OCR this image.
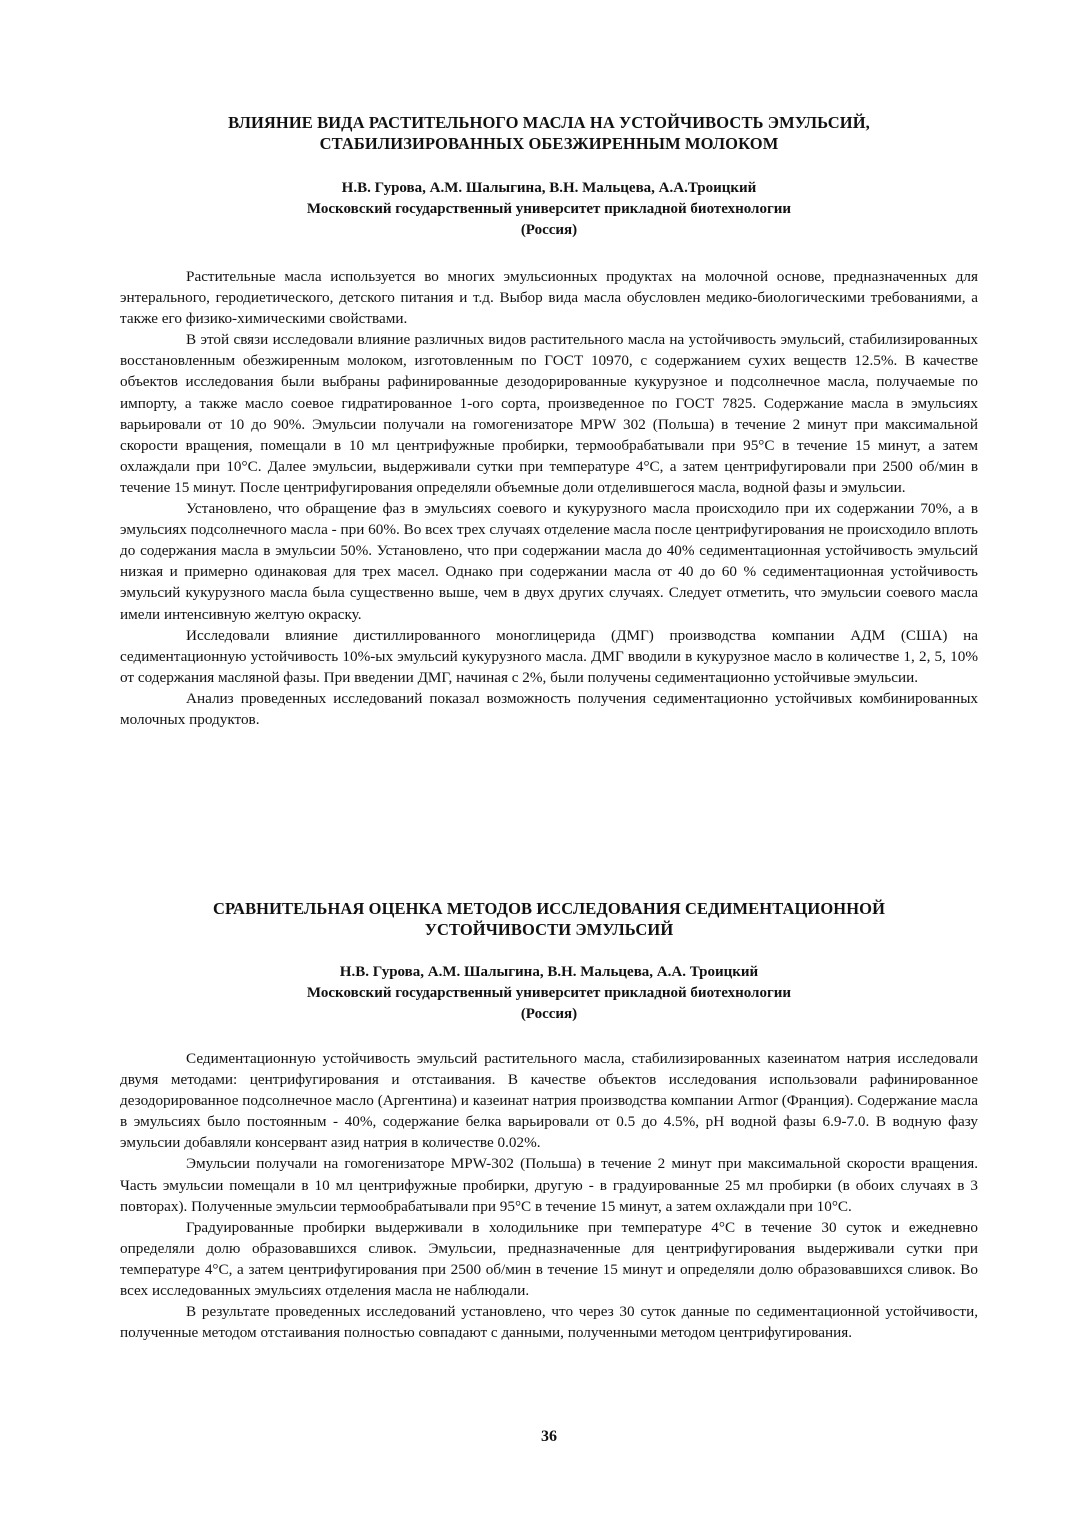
ВЛИЯНИЕ ВИДА РАСТИТЕЛЬНОГО МАСЛА НА УСТОЙЧИВОСТЬ ЭМУЛЬСИЙ,
СТАБИЛИЗИРОВАННЫХ ОБЕЗЖИРЕННЫМ МОЛОКОМ
Н.В. Гурова, А.М. Шалыгина, В.Н. Мальцева, А.А.Троицкий
Московский государственный университет прикладной биотехнологии
(Россия)

Растительные масла используется во многих эмульсионных продуктах на молочной основе, предназначенных для энтерального, геродиетического, детского питания и т.д. Выбор вида масла обусловлен медико-биологическими требованиями, а также его физико-химическими свойствами.

В этой связи исследовали влияние различных видов растительного масла на устойчивость эмульсий, стабилизированных восстановленным обезжиренным молоком, изготовленным по ГОСТ 10970, с содержанием сухих веществ 12.5%. В качестве объектов исследования были выбраны рафинированные дезодорированные кукурузное и подсолнечное масла, получаемые по импорту, а также масло соевое гидратированное 1-ого сорта, произведенное по ГОСТ 7825. Содержание масла в эмульсиях варьировали от 10 до 90%. Эмульсии получали на гомогенизаторе MPW 302 (Польша) в течение 2 минут при максимальной скорости вращения, помещали в 10 мл центрифужные пробирки, термообрабатывали при 95°С в течение 15 минут, а затем охлаждали при 10°С. Далее эмульсии, выдерживали сутки при температуре 4°С, а затем центрифугировали при 2500 об/мин в течение 15 минут. После центрифугирования определяли объемные доли отделившегося масла, водной фазы и эмульсии.

Установлено, что обращение фаз в эмульсиях соевого и кукурузного масла происходило при их содержании 70%, а в эмульсиях подсолнечного масла - при 60%. Во всех трех случаях отделение масла после центрифугирования не происходило вплоть до содержания масла в эмульсии 50%. Установлено, что при содержании масла до 40% седиментационная устойчивость эмульсий низкая и примерно одинаковая для трех масел. Однако при содержании масла от 40 до 60 % седиментационная устойчивость эмульсий кукурузного масла была существенно выше, чем в двух других случаях. Следует отметить, что эмульсии соевого масла имели интенсивную желтую окраску.

Исследовали влияние дистиллированного моноглицерида (ДМГ) производства компании АДМ (США) на седиментационную устойчивость 10%-ых эмульсий кукурузного масла. ДМГ вводили в кукурузное масло в количестве 1, 2, 5, 10% от содержания масляной фазы. При введении ДМГ, начиная с 2%, были получены седиментационно устойчивые эмульсии.

Анализ проведенных исследований показал возможность получения седиментационно устойчивых комбинированных молочных продуктов.

СРАВНИТЕЛЬНАЯ ОЦЕНКА МЕТОДОВ ИССЛЕДОВАНИЯ СЕДИМЕНТАЦИОННОЙ
УСТОЙЧИВОСТИ ЭМУЛЬСИЙ
Н.В. Гурова, А.М. Шалыгина, В.Н. Мальцева, А.А. Троицкий
Московский государственный университет прикладной биотехнологии
(Россия)

Седиментационную устойчивость эмульсий растительного масла, стабилизированных казеинатом натрия исследовали двумя методами: центрифугирования и отстаивания. В качестве объектов исследования использовали рафинированное дезодорированное подсолнечное масло (Аргентина) и казеинат натрия производства компании Armor (Франция). Содержание масла в эмульсиях было постоянным - 40%, содержание белка варьировали от 0.5 до 4.5%, рН водной фазы 6.9-7.0. В водную фазу эмульсии добавляли консервант азид натрия в количестве 0.02%.

Эмульсии получали на гомогенизаторе MPW-302 (Польша) в течение 2 минут при максимальной скорости вращения. Часть эмульсии помещали в 10 мл центрифужные пробирки, другую - в градуированные 25 мл пробирки (в обоих случаях в 3 повторах). Полученные эмульсии термообрабатывали при 95°С в течение 15 минут, а затем охлаждали при 10°С.

Градуированные пробирки выдерживали в холодильнике при температуре 4°С в течение 30 суток и ежедневно определяли долю образовавшихся сливок. Эмульсии, предназначенные для центрифугирования выдерживали сутки при температуре 4°С, а затем центрифугирования при 2500 об/мин в течение 15 минут и определяли долю образовавшихся сливок. Во всех исследованных эмульсиях отделения масла не наблюдали.

В результате проведенных исследований установлено, что через 30 суток данные по седиментационной устойчивости, полученные методом отстаивания полностью совпадают с данными, полученными методом центрифугирования.

36
